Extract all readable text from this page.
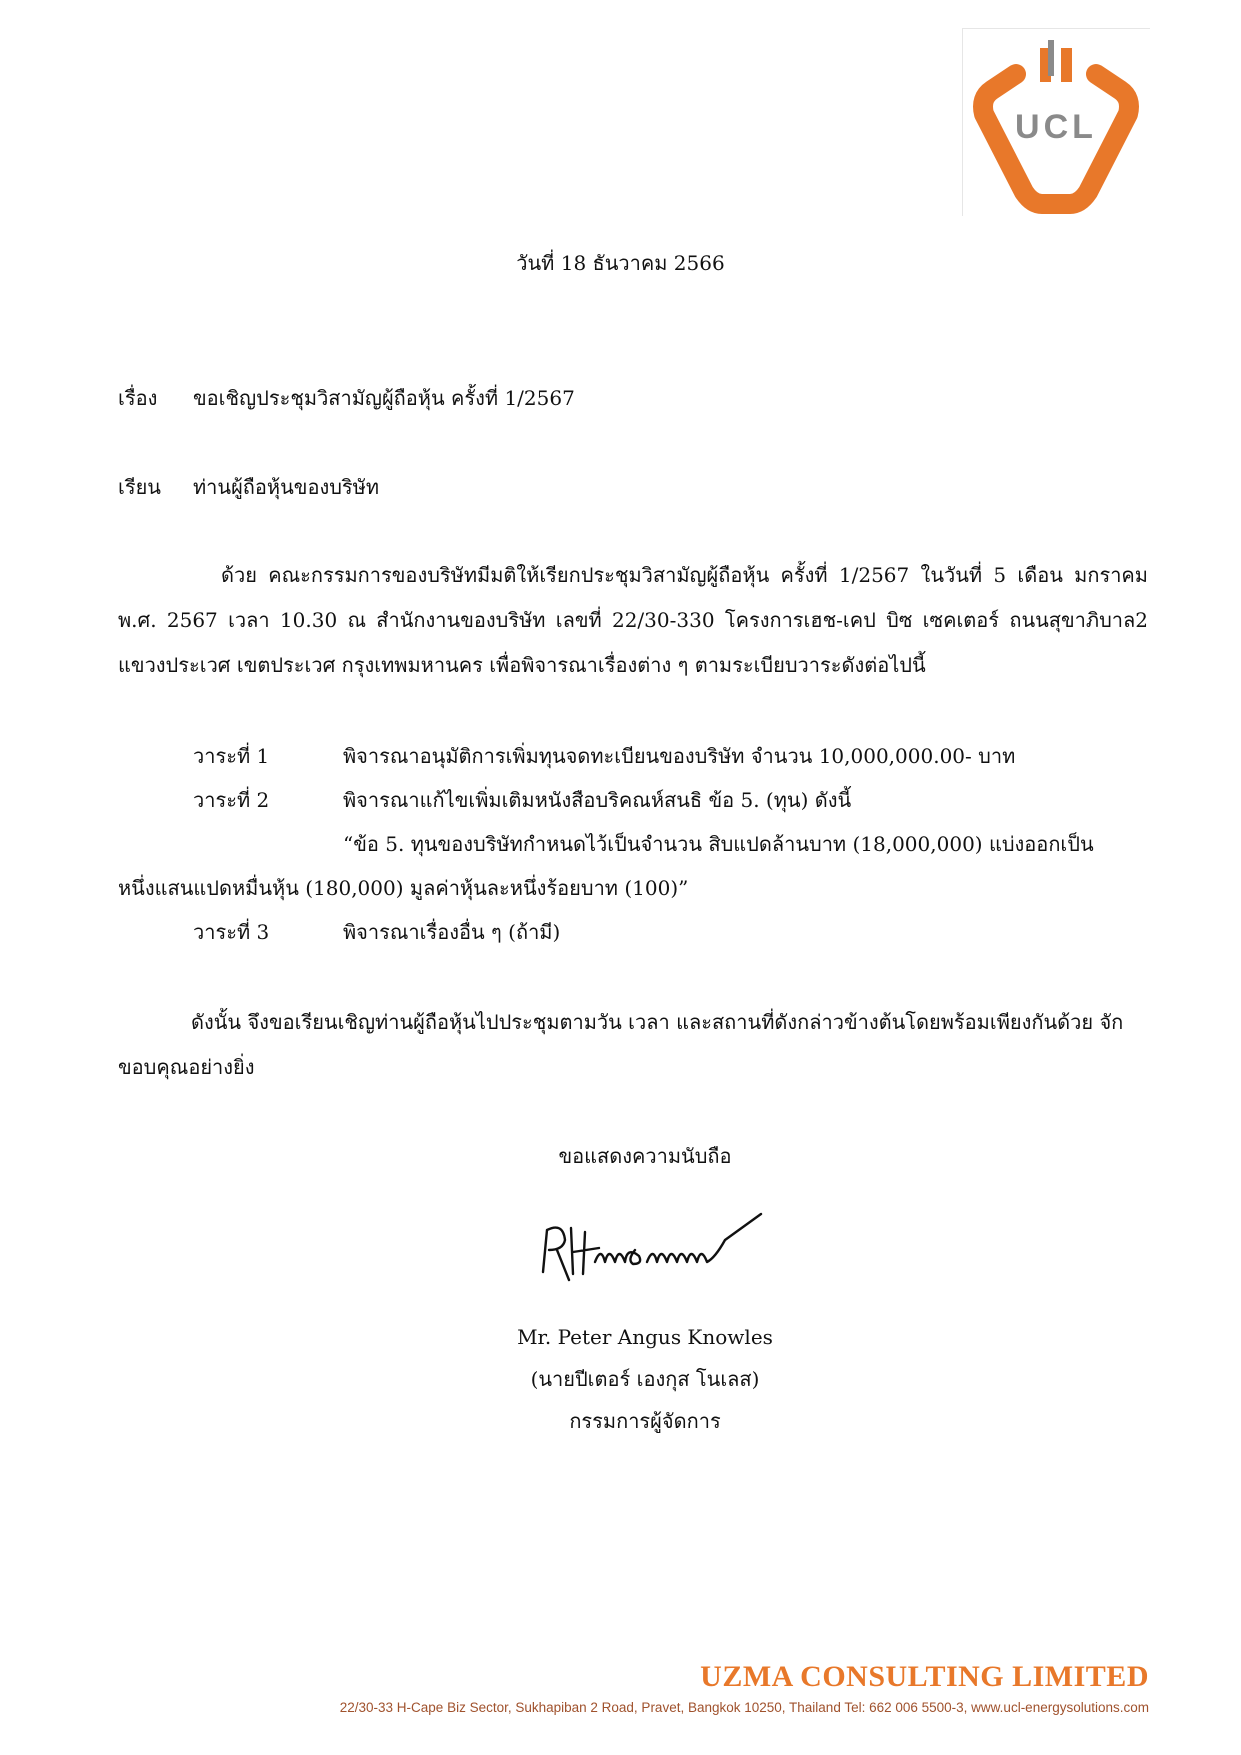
UCL
วันที่ 18 ธันวาคม 2566
เรื่อง ขอเชิญประชุมวิสามัญผู้ถือหุ้น ครั้งที่ 1/2567
เรียน ท่านผู้ถือหุ้นของบริษัท
ด้วย คณะกรรมการของบริษัทมีมติให้เรียกประชุมวิสามัญผู้ถือหุ้น ครั้งที่ 1/2567 ในวันที่ 5 เดือน มกราคม พ.ศ. 2567 เวลา 10.30 ณ สำนักงานของบริษัท เลขที่ 22/30-330 โครงการเฮช-เคป บิซ เซคเตอร์ ถนนสุขาภิบาล2 แขวงประเวศ เขตประเวศ กรุงเทพมหานคร เพื่อพิจารณาเรื่องต่าง ๆ ตามระเบียบวาระดังต่อไปนี้
วาระที่ 1	พิจารณาอนุมัติการเพิ่มทุนจดทะเบียนของบริษัท จำนวน 10,000,000.00- บาท
วาระที่ 2	พิจารณาแก้ไขเพิ่มเติมหนังสือบริคณห์สนธิ ข้อ 5. (ทุน) ดังนี้
“ข้อ 5. ทุนของบริษัทกำหนดไว้เป็นจำนวน สิบแปดล้านบาท (18,000,000) แบ่งออกเป็น
หนึ่งแสนแปดหมื่นหุ้น (180,000) มูลค่าหุ้นละหนึ่งร้อยบาท (100)”
วาระที่ 3	พิจารณาเรื่องอื่น ๆ (ถ้ามี)
ดังนั้น จึงขอเรียนเชิญท่านผู้ถือหุ้นไปประชุมตามวัน เวลา และสถานที่ดังกล่าวข้างต้นโดยพร้อมเพียงกันด้วย จักขอบคุณอย่างยิ่ง
ขอแสดงความนับถือ
Mr. Peter Angus Knowles
(นายปีเตอร์ เองกุส โนเลส)
กรรมการผู้จัดการ
UZMA CONSULTING LIMITED
22/30-33 H-Cape Biz Sector, Sukhapiban 2 Road, Pravet, Bangkok 10250, Thailand Tel: 662 006 5500-3, www.ucl-energysolutions.com
